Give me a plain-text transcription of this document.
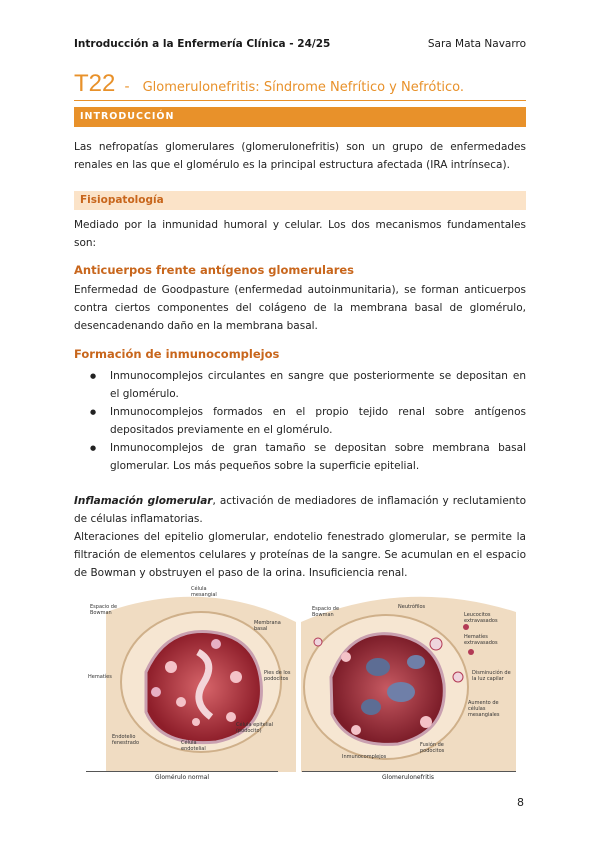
Introducción a la Enfermería Clínica - 24/25	Sara Mata Navarro
T22 - Glomerulonefritis: Síndrome Nefrítico y Nefrótico.
INTRODUCCIÓN

Las nefropatías glomerulares (glomerulonefritis) son un grupo de enfermedades renales en las que el glomérulo es la principal estructura afectada (IRA intrínseca).

Fisiopatología

Mediado por la inmunidad humoral y celular. Los dos mecanismos fundamentales son:

Anticuerpos frente antígenos glomerulares

Enfermedad de Goodpasture (enfermedad autoinmunitaria), se forman anticuerpos contra ciertos componentes del colágeno de la membrana basal de glomérulo, desencadenando daño en la membrana basal.

Formación de inmunocomplejos
● Inmunocomplejos circulantes en sangre que posteriormente se depositan en el glomérulo.
● Inmunocomplejos formados en el propio tejido renal sobre antígenos depositados previamente en el glomérulo.
● Inmunocomplejos de gran tamaño se depositan sobre membrana basal glomerular. Los más pequeños sobre la superficie epitelial.

Inflamación glomerular, activación de mediadores de inflamación y reclutamiento de células inflamatorias.

Alteraciones del epitelio glomerular, endotelio fenestrado glomerular, se permite la filtración de elementos celulares y proteínas de la sangre. Se acumulan en el espacio de Bowman y obstruyen el paso de la orina. Insuficiencia renal.

Espacio de Bowman
Célula mesangial
Membrana basal
Hematíes
Pies de los podocitos
Célula epitelial (podocito)
Endotelio fenestrado	Célula endotelial
Espacio de Bowman
Neutrófilos
Leucocitos extravasados
Hematíes extravasados
Disminución de la luz capilar
Aumento de células mesangiales
Inmunocomplejos
Fusión de podocitos
Glomérulo normal	Glomerulonefritis
8
